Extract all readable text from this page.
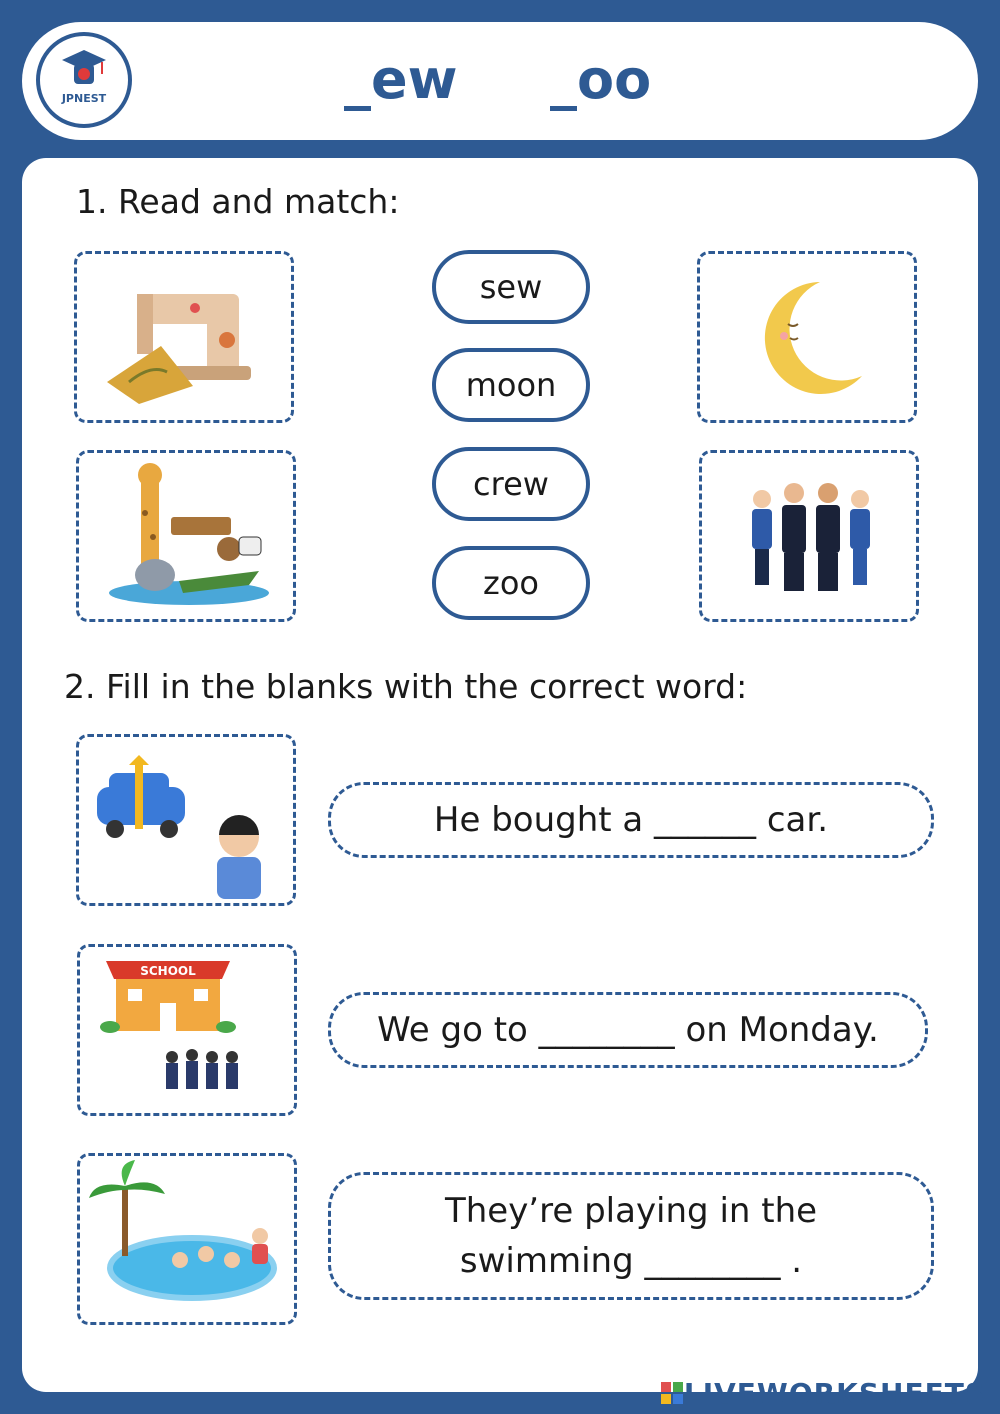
JPNEST	_ew _oo
1. Read and match:
sew
moon
crew
zoo
2. Fill in the blanks with the correct word:
SCHOOL
He bought a ______ car.
We go to ________ on Monday.
They’re playing in the
swimming ________ .
LIVEWORKSHEETS
